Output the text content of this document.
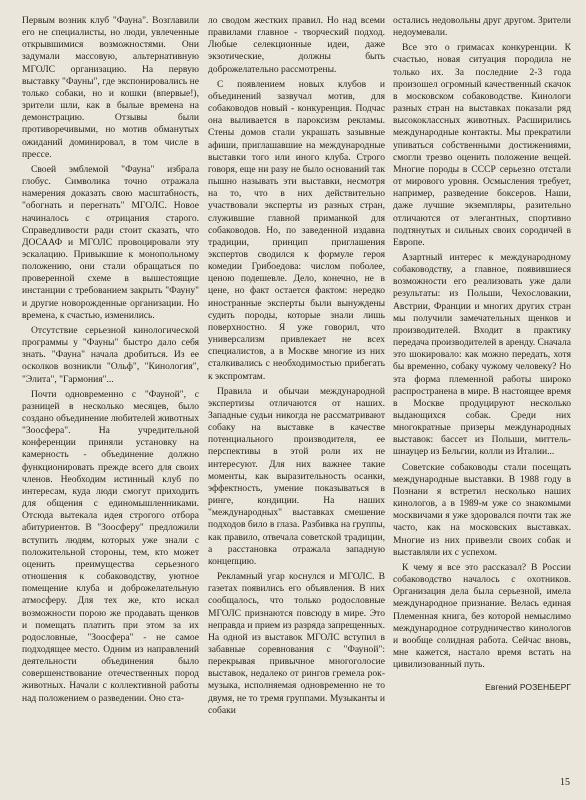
Первым возник клуб "Фауна". Возглавили его не специалисты, но люди, увлеченные открывшимися возможностями. Они задумали массовую, альтернативную МГОЛС организацию. На первую выставку "Фауны", где экспонировались не только собаки, но и кошки (впервые!), зрители шли, как в былые времена на демонстрацию. Отзывы были противоречивыми, но мотив обманутых ожиданий доминировал, в том числе в прессе.

Своей эмблемой "Фауна" избрала глобус. Символика точно отражала намерения доказать свою масштабность, "обогнать и перегнать" МГОЛС. Новое начиналось с отрицания старого. Справедливости ради стоит сказать, что ДОСААФ и МГОЛС провоцировали эту эскалацию. Привыкшие к монопольному положению, они стали обращаться по проверенной схеме в вышестоящие инстанции с требованием закрыть "Фауну" и другие новорожденные организации. Но времена, к счастью, изменились.

Отсутствие серьезной кинологической программы у "Фауны" быстро дало себя знать. "Фауна" начала дробиться. Из ее осколков возникли "Ольф", "Кинология", "Элита", "Гармония"...

Почти одновременно с "Фауной", с разницей в несколько месяцев, было создано объединение любителей животных "Зоосфера". На учредительной конференции приняли установку на камерность - объединение должно функционировать прежде всего для своих членов. Необходим истинный клуб по интересам, куда люди смогут приходить для общения с единомышленниками. Отсюда вытекала идея строгого отбора абитуриентов. В "Зоосферу" предложили вступить людям, которых уже знали с положительной стороны, тем, кто может оценить преимущества серьезного отношения к собаководству, уютное помещение клуба и доброжелательную атмосферу. Для тех же, кто искал возможности порою же продавать щенков и помещать платить при этом за их родословные, "Зоосфера" - не самое подходящее место. Одним из направлений деятельности объединения было совершенствование отечественных пород животных. Начали с коллективной работы над положением о разведении. Оно ста-

ло сводом жестких правил. Но над всеми правилами главное - творческий подход. Любые селекционные идеи, даже экзотические, должны быть доброжелательно рассмотрены.

С появлением новых клубов и объединений зазвучал мотив, для собаководов новый - конкуренция. Подчас она выливается в пароксизм рекламы. Стены домов стали украшать зазывные афиши, приглашавшие на международные выставки того или иного клуба. Строго говоря, еще ни разу не было оснований так пышно называть эти выставки, несмотря на то, что в них действительно участвовали эксперты из разных стран, служившие главной приманкой для собаководов. Но, по заведенной издавна традиции, принцип приглашения экспертов сводился к формуле героя комедии Грибоедова: числом поболее, ценою подешевле. Дело, конечно, не в цене, но факт остается фактом: нередко иностранные эксперты были вынуждены судить породы, которые знали лишь поверхностно. Я уже говорил, что универсализм привлекает не всех специалистов, а в Москве многие из них сталкивались с необходимостью прибегать к экспромтам.

Правила и обычаи международной экспертизы отличаются от наших. Западные судьи никогда не рассматривают собаку на выставке в качестве потенциального производителя, ее перспективы в этой роли их не интересуют. Для них важнее такие моменты, как выразительность осанки, эффектность, умение показываться в ринге, кондиции. На наших "международных" выставках смешение подходов било в глаза. Разбивка на группы, как правило, отвечала советской традиции, а расстановка отражала западную концепцию.

Рекламный угар коснулся и МГОЛС. В газетах появились его объявления. В них сообщалось, что только родословные МГОЛС признаются повсюду в мире. Это неправда и прием из разряда запрещенных. На одной из выставок МГОЛС вступил в забавные соревнования с "Фауной": перекрывая привычное многоголосие выставок, недалеко от рингов гремела рок-музыка, исполняемая одновременно не то двумя, не то тремя группами. Музыканты и собаки

остались недовольны друг другом. Зрители недоумевали.

Все это о гримасах конкуренции. К счастью, новая ситуация породила не только их. За последние 2-3 года произошел огромный качественный скачок в московском собаководстве. Кинологи разных стран на выставках показали ряд высококлассных животных. Расширились международные контакты. Мы прекратили упиваться собственными достижениями, смогли трезво оценить положение вещей. Многие породы в СССР серьезно отстали от мирового уровня. Осмысления требует, например, разведение боксеров. Наши, даже лучшие экземпляры, разительно отличаются от элегантных, спортивно подтянутых и сильных своих сородичей в Европе.

Азартный интерес к международному собаководству, а главное, появившиеся возможности его реализовать уже дали результаты: из Польши, Чехословакии, Австрии, Франции и многих других стран мы получили замечательных щенков и производителей. Входит в практику передача производителей в аренду. Сначала это шокировало: как можно передать, хотя бы временно, собаку чужому человеку? Но эта форма племенной работы широко распространена в мире. В настоящее время в Москве продуцируют несколько выдающихся собак. Среди них многократные призеры международных выставок: бассет из Польши, миттель-шнауцер из Бельгии, колли из Италии...

Советские собаководы стали посещать международные выставки. В 1988 году в Познани я встретил несколько наших кинологов, а в 1989-м уже со знакомыми москвичами я уже здоровался почти так же часто, как на московских выставках. Многие из них привезли своих собак и выставляли их с успехом.

К чему я все это рассказал? В России собаководство началось с охотников. Организация дела была серьезной, имела международное признание. Велась единая Племенная книга, без которой немыслимо международное сотрудничество кинологов и вообще солидная работа. Сейчас вновь, мне кажется, настало время встать на цивилизованный путь.

Евгений РОЗЕНБЕРГ
15
